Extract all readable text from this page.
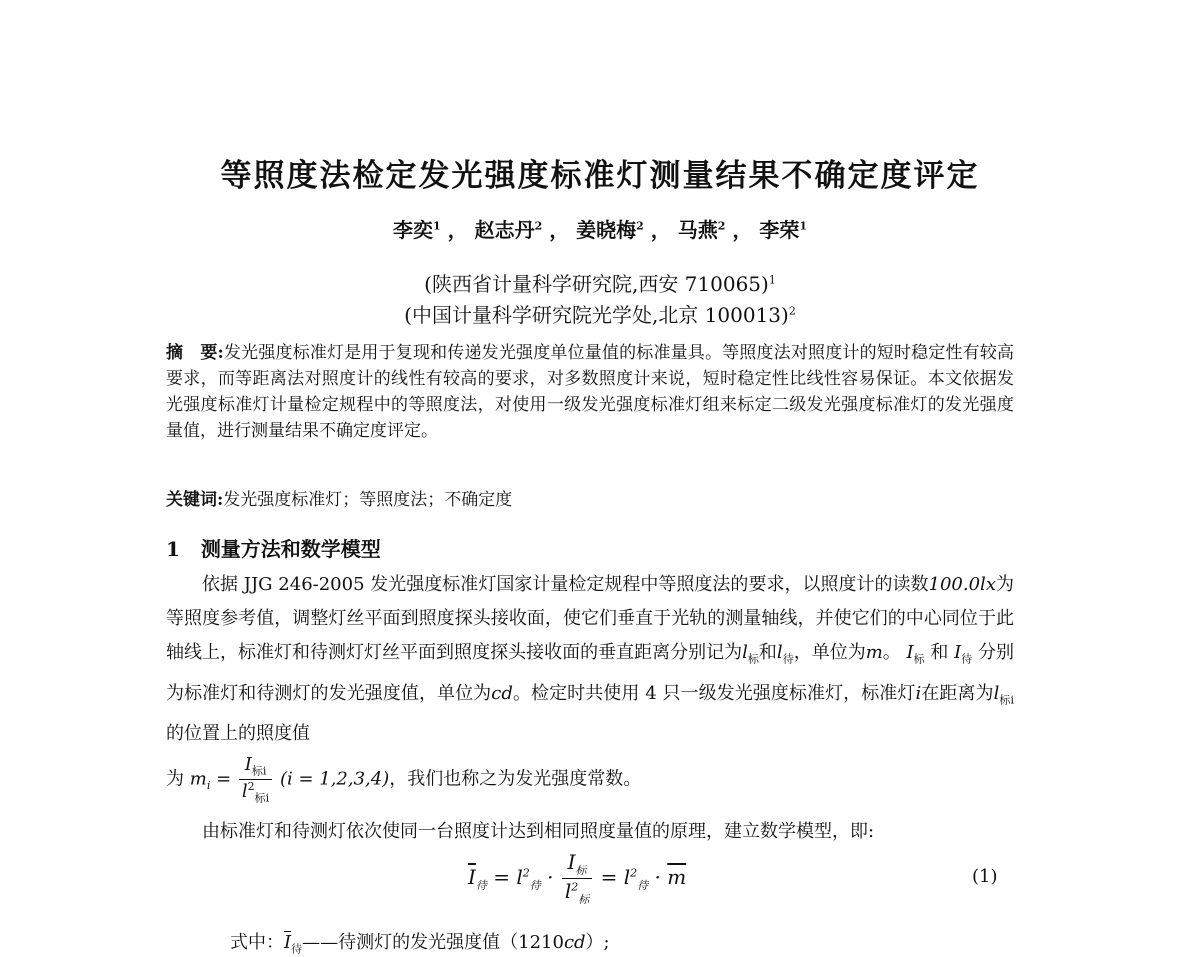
等照度法检定发光强度标准灯测量结果不确定度评定
李奕$^1$ ， 赵志丹$^2$ ， 姜晓梅$^2$ ， 马燕$^2$ ， 李荣$^1$
(陕西省计量科学研究院,西安 710065)$^1$
(中国计量科学研究院光学处,北京 100013)$^2$
摘　要:发光强度标准灯是用于复现和传递发光强度单位量值的标准量具。等照度法对照度计的短时稳定性有较高要求，而等距离法对照度计的线性有较高的要求，对多数照度计来说，短时稳定性比线性容易保证。本文依据发光强度标准灯计量检定规程中的等照度法，对使用一级发光强度标准灯组来标定二级发光强度标准灯的发光强度量值，进行测量结果不确定度评定。
关键词:发光强度标准灯；等照度法；不确定度
1 测量方法和数学模型
依据 JJG 246-2005 发光强度标准灯国家计量检定规程中等照度法的要求，以照度计的读数100.0lx为等照度参考值，调整灯丝平面到照度探头接收面，使它们垂直于光轨的测量轴线，并使它们的中心同位于此轴线上，标准灯和待测灯灯丝平面到照度探头接收面的垂直距离分别记为$l_标$和$l_待$，单位为m。 $I_标$ 和 $I_待$ 分别为标准灯和待测灯的发光强度值，单位为cd。检定时共使用 4 只一级发光强度标准灯，标准灯i在距离为$l_{标i}$的位置上的照度值
为 $m_i = \frac{I_{标i}}{l^2_{标i}} (i = 1,2,3,4)$，我们也称之为发光强度常数。
由标准灯和待测灯依次使同一台照度计达到相同照度量值的原理，建立数学模型，即:
$\overline{I}_待 = l^2_待 \cdot \frac{I_标}{l^2_标} = l^2_待 \cdot \overline{m}$	(1)
式中：$\overline{I}_待——$待测灯的发光强度值（1210cd）;
